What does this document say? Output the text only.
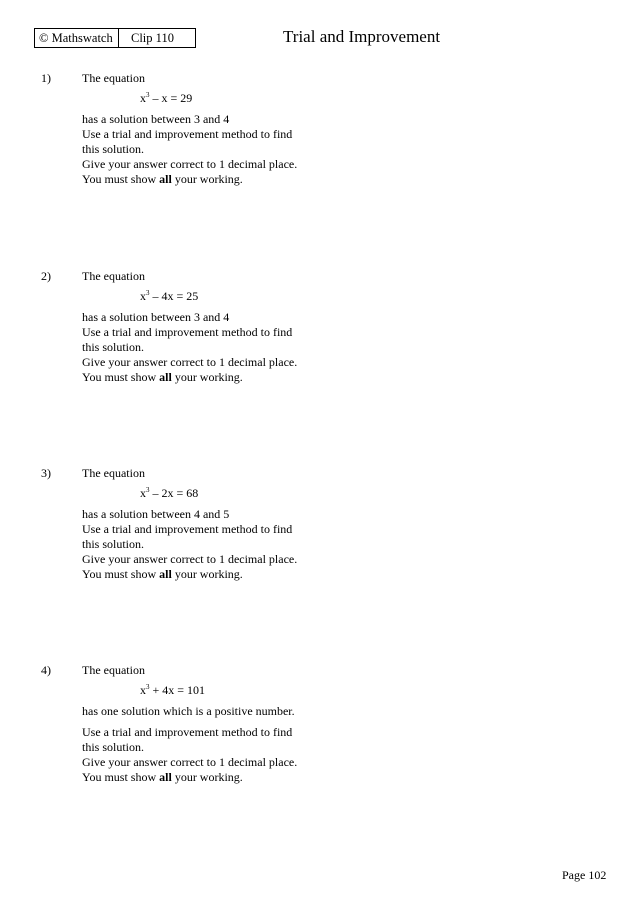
© Mathswatch	Clip 110	Trial and Improvement
1)	The equation
$x^3 - x = 29$
has a solution between 3 and 4
Use a trial and improvement method to find
this solution.
Give your answer correct to 1 decimal place.
You must show all your working.
2)	The equation
$x^3 - 4x = 25$
has a solution between 3 and 4
Use a trial and improvement method to find
this solution.
Give your answer correct to 1 decimal place.
You must show all your working.
3)	The equation
$x^3 - 2x = 68$
has a solution between 4 and 5
Use a trial and improvement method to find
this solution.
Give your answer correct to 1 decimal place.
You must show all your working.
4)	The equation
$x^3 + 4x = 101$
has one solution which is a positive number.
Use a trial and improvement method to find
this solution.
Give your answer correct to 1 decimal place.
You must show all your working.
Page 102
